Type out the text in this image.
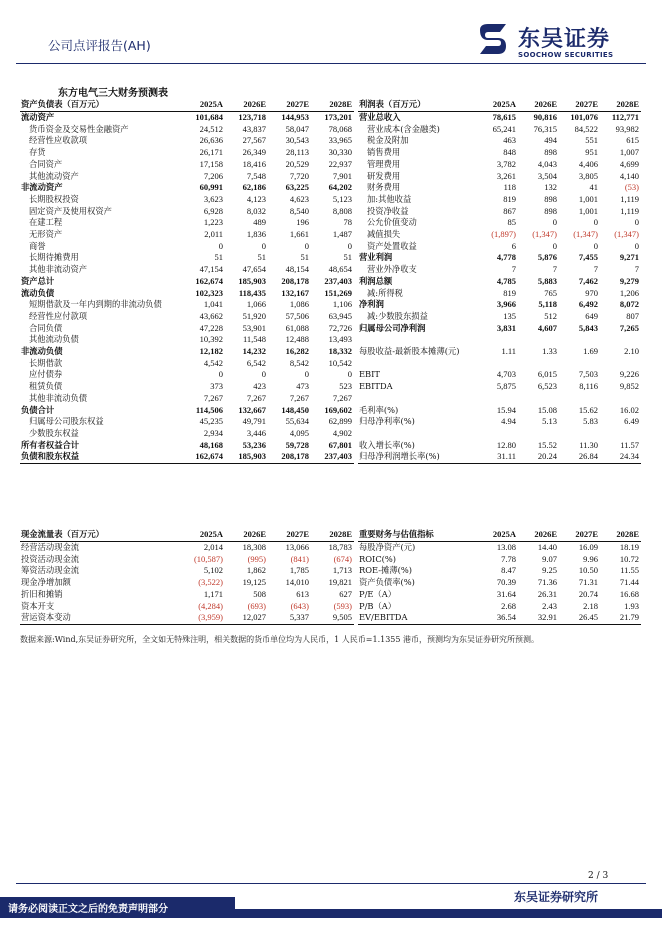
公司点评报告(AH)	东吴证券
SOOCHOW SECURITIES
东方电气三大财务预测表
资产负债表（百万元）	2025A	2026E	2027E	2028E
流动资产	101,684	123,718	144,953	173,201
货币资金及交易性金融资产	24,512	43,837	58,047	78,068
经营性应收款项	26,636	27,567	30,543	33,965
存货	26,171	26,349	28,113	30,330
合同资产	17,158	18,416	20,529	22,937
其他流动资产	7,206	7,548	7,720	7,901
非流动资产	60,991	62,186	63,225	64,202
长期股权投资	3,623	4,123	4,623	5,123
固定资产及使用权资产	6,928	8,032	8,540	8,808
在建工程	1,223	489	196	78
无形资产	2,011	1,836	1,661	1,487
商誉	0	0	0	0
长期待摊费用	51	51	51	51
其他非流动资产	47,154	47,654	48,154	48,654
资产总计	162,674	185,903	208,178	237,403
流动负债	102,323	118,435	132,167	151,269
短期借款及一年内到期的非流动负债	1,041	1,066	1,086	1,106
经营性应付款项	43,662	51,920	57,506	63,945
合同负债	47,228	53,901	61,088	72,726
其他流动负债	10,392	11,548	12,488	13,493
非流动负债	12,182	14,232	16,282	18,332
长期借款	4,542	6,542	8,542	10,542
应付债券	0	0	0	0
租赁负债	373	423	473	523
其他非流动负债	7,267	7,267	7,267	7,267
负债合计	114,506	132,667	148,450	169,602
归属母公司股东权益	45,235	49,791	55,634	62,899
少数股东权益	2,934	3,446	4,095	4,902
所有者权益合计	48,168	53,236	59,728	67,801
负债和股东权益	162,674	185,903	208,178	237,403
利润表（百万元）	2025A	2026E	2027E	2028E
营业总收入	78,615	90,816	101,076	112,771
营业成本(含金融类)	65,241	76,315	84,522	93,982
税金及附加	463	494	551	615
销售费用	848	898	951	1,007
管理费用	3,782	4,043	4,406	4,699
研发费用	3,261	3,504	3,805	4,140
财务费用	118	132	41	(53)
加:其他收益	819	898	1,001	1,119
投资净收益	867	898	1,001	1,119
公允价值变动	85	0	0	0
减值损失	(1,897)	(1,347)	(1,347)	(1,347)
资产处置收益	6	0	0	0
营业利润	4,778	5,876	7,455	9,271
营业外净收支	7	7	7	7
利润总额	4,785	5,883	7,462	9,279
减:所得税	819	765	970	1,206
净利润	3,966	5,118	6,492	8,072
减:少数股东损益	135	512	649	807
归属母公司净利润	3,831	4,607	5,843	7,265

每股收益-最新股本摊薄(元)	1.11	1.33	1.69	2.10

EBIT	4,703	6,015	7,503	9,226
EBITDA	5,875	6,523	8,116	9,852

毛利率(%)	15.94	15.08	15.62	16.02
归母净利率(%)	4.94	5.13	5.83	6.49

收入增长率(%)	12.80	15.52	11.30	11.57
归母净利润增长率(%)	31.11	20.24	26.84	24.34
现金流量表（百万元）	2025A	2026E	2027E	2028E
经营活动现金流	2,014	18,308	13,066	18,783
投资活动现金流	(10,587)	(995)	(841)	(674)
筹资活动现金流	5,102	1,862	1,785	1,713
现金净增加额	(3,522)	19,125	14,010	19,821
折旧和摊销	1,171	508	613	627
资本开支	(4,284)	(693)	(643)	(593)
营运资本变动	(3,959)	12,027	5,337	9,505
重要财务与估值指标	2025A	2026E	2027E	2028E
每股净资产(元)	13.08	14.40	16.09	18.19
ROIC(%)	7.78	9.07	9.96	10.72
ROE-摊薄(%)	8.47	9.25	10.50	11.55
资产负债率(%)	70.39	71.36	71.31	71.44
P/E（A）	31.64	26.31	20.74	16.68
P/B（A）	2.68	2.43	2.18	1.93
EV/EBITDA	36.54	32.91	26.45	21.79
数据来源:Wind,东吴证券研究所，全文如无特殊注明，相关数据的货币单位均为人民币，1 人民币=1.1355 港币，预测均为东吴证券研究所预测。
2 / 3
东吴证券研究所
请务必阅读正文之后的免责声明部分
